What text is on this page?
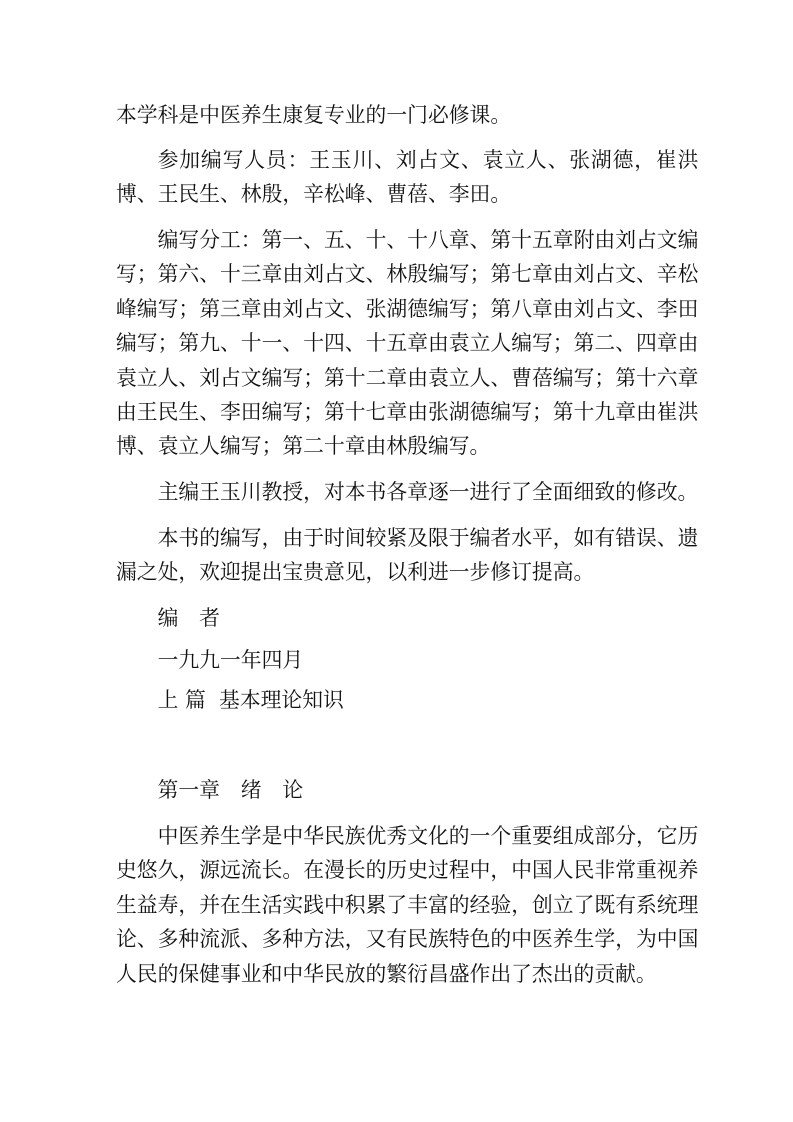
本学科是中医养生康复专业的一门必修课。

参加编写人员：王玉川、刘占文、袁立人、张湖德，崔洪博、王民生、林殷，辛松峰、曹蓓、李田。

编写分工：第一、五、十、十八章、第十五章附由刘占文编写；第六、十三章由刘占文、林殷编写；第七章由刘占文、辛松峰编写；第三章由刘占文、张湖德编写；第八章由刘占文、李田编写；第九、十一、十四、十五章由袁立人编写；第二、四章由袁立人、刘占文编写；第十二章由袁立人、曹蓓编写；第十六章由王民生、李田编写；第十七章由张湖德编写；第十九章由崔洪博、袁立人编写；第二十章由林殷编写。

主编王玉川教授，对本书各章逐一进行了全面细致的修改。

本书的编写，由于时间较紧及限于编者水平，如有错误、遗漏之处，欢迎提出宝贵意见，以利进一步修订提高。

编　者

一九九一年四月

上 篇  基本理论知识

第一章　绪　论

中医养生学是中华民族优秀文化的一个重要组成部分，它历史悠久，源远流长。在漫长的历史过程中，中国人民非常重视养生益寿，并在生活实践中积累了丰富的经验，创立了既有系统理论、多种流派、多种方法，又有民族特色的中医养生学，为中国人民的保健事业和中华民放的繁衍昌盛作出了杰出的贡献。
